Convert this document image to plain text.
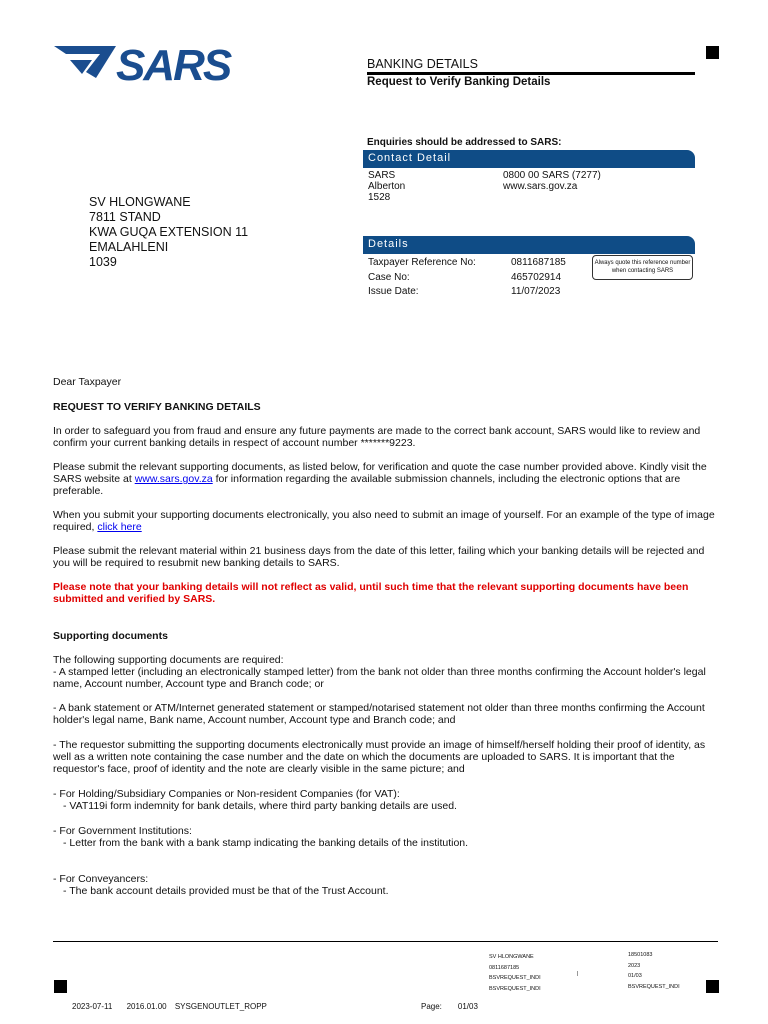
SARS	BANKING DETAILS
Request to Verify Banking Details
Enquiries should be addressed to SARS:
Contact Detail
SARS
Alberton
1528
0800 00 SARS (7277)
www.sars.gov.za
SV HLONGWANE
7811 STAND
KWA GUQA EXTENSION 11
EMALAHLENI
1039
Details
Taxpayer Reference No:
Case No:
Issue Date:
0811687185
465702914
11/07/2023
Always quote this reference number when contacting SARS

Dear Taxpayer

REQUEST TO VERIFY BANKING DETAILS

In order to safeguard you from fraud and ensure any future payments are made to the correct bank account, SARS would like to review and confirm your current banking details in respect of account number *******9223.

Please submit the relevant supporting documents, as listed below, for verification and quote the case number provided above. Kindly visit the SARS website at www.sars.gov.za for information regarding the available submission channels, including the electronic options that are preferable.

When you submit your supporting documents electronically, you also need to submit an image of yourself. For an example of the type of image required, click here

Please submit the relevant material within 21 business days from the date of this letter, failing which your banking details will be rejected and you will be required to resubmit new banking details to SARS.

Please note that your banking details will not reflect as valid, until such time that the relevant supporting documents have been submitted and verified by SARS.

Supporting documents

The following supporting documents are required:

- A stamped letter (including an electronically stamped letter) from the bank not older than three months confirming the Account holder's legal name, Account number, Account type and Branch code; or

- A bank statement or ATM/Internet generated statement or stamped/notarised statement not older than three months confirming the Account holder's legal name, Bank name, Account number, Account type and Branch code; and

- The requestor submitting the supporting documents electronically must provide an image of himself/herself holding their proof of identity, as well as a written note containing the case number and the date on which the documents are uploaded to SARS. It is important that the requestor's face, proof of identity and the note are clearly visible in the same picture; and

- For Holding/Subsidiary Companies or Non-resident Companies (for VAT):

- VAT119i form indemnity for bank details, where third party banking details are used.

- For Government Institutions:

- Letter from the bank with a bank stamp indicating the banking details of the institution.

- For Conveyancers:

- The bank account details provided must be that of the Trust Account.

SV HLONGWANE
0811687185
BSVREQUEST_INDI
BSVREQUEST_INDI
|
18501083
2023
01/03
BSVREQUEST_INDI
2023-07-11 2016.01.00 SYSGENOUTLET_ROPP	Page: 01/03
